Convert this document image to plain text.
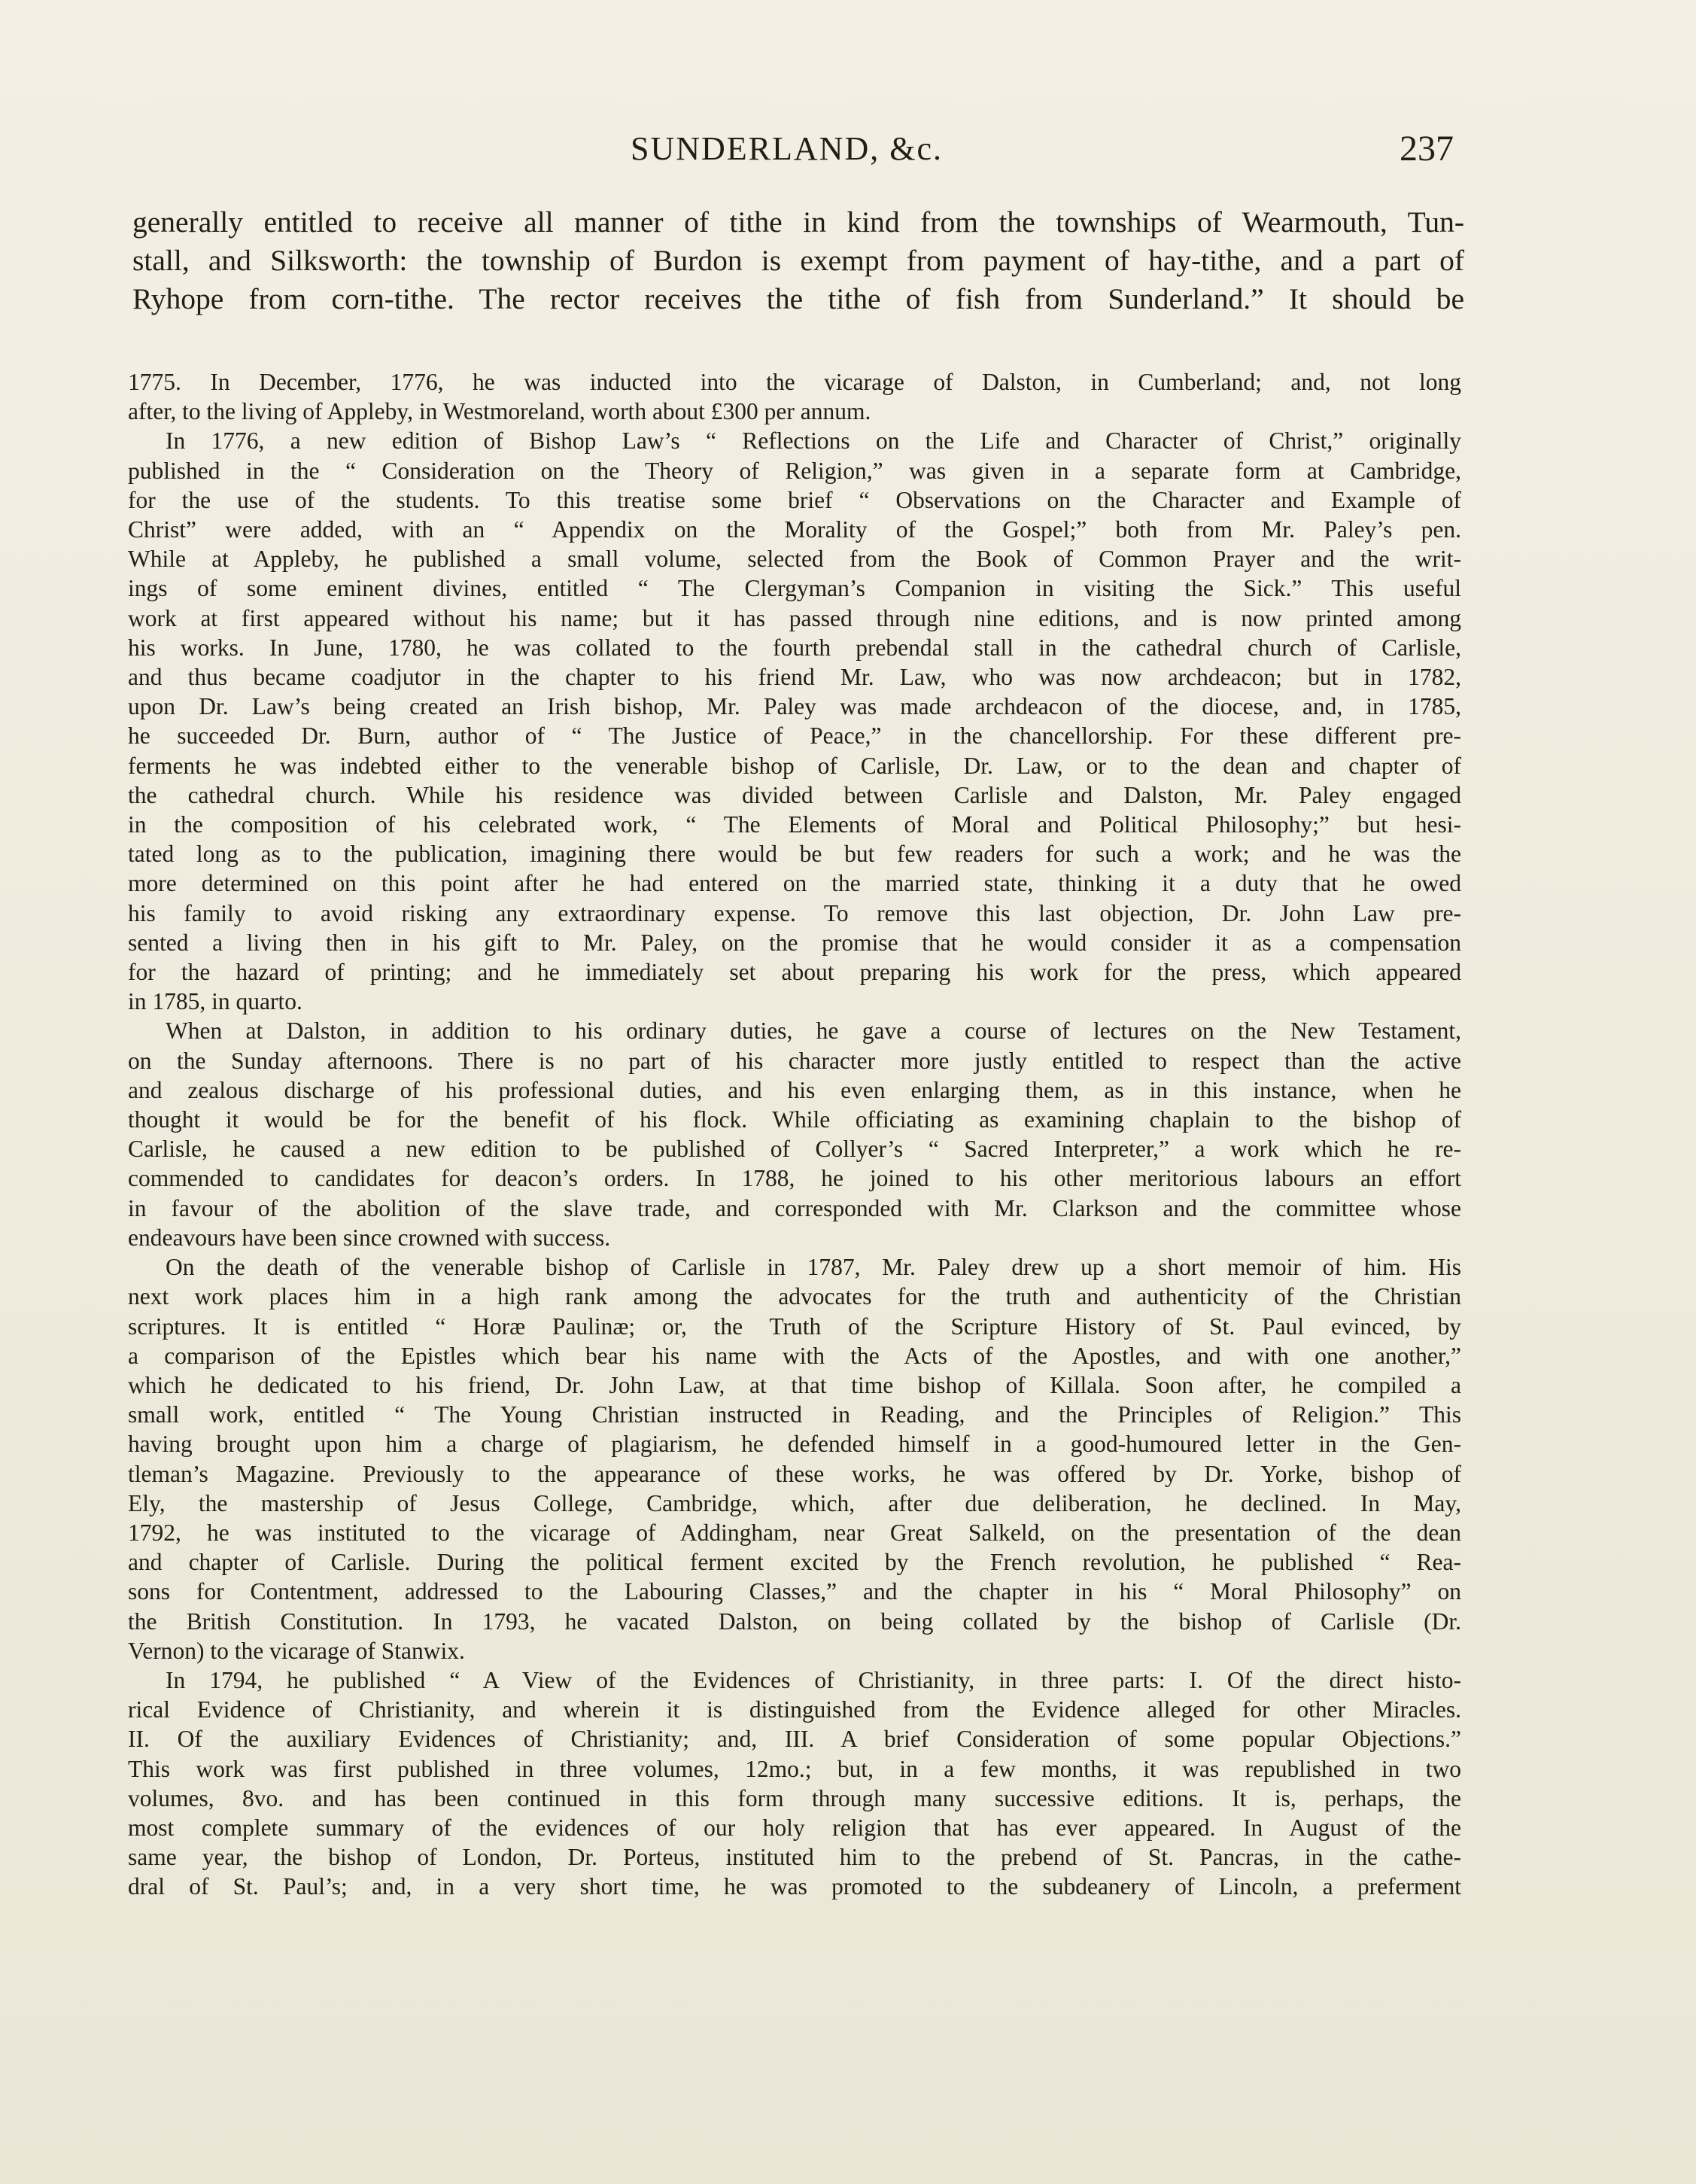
SUNDERLAND, &c.	237
generally entitled to receive all manner of tithe in kind from the townships of Wearmouth, Tun-
stall, and Silksworth: the township of Burdon is exempt from payment of hay-tithe, and a part of
Ryhope from corn-tithe. The rector receives the tithe of fish from Sunderland.” It should be
1775. In December, 1776, he was inducted into the vicarage of Dalston, in Cumberland; and, not long
after, to the living of Appleby, in Westmoreland, worth about £300 per annum.
In 1776, a new edition of Bishop Law’s “ Reflections on the Life and Character of Christ,” originally
published in the “ Consideration on the Theory of Religion,” was given in a separate form at Cambridge,
for the use of the students. To this treatise some brief “ Observations on the Character and Example of
Christ” were added, with an “ Appendix on the Morality of the Gospel;” both from Mr. Paley’s pen.
While at Appleby, he published a small volume, selected from the Book of Common Prayer and the writ-
ings of some eminent divines, entitled “ The Clergyman’s Companion in visiting the Sick.” This useful
work at first appeared without his name; but it has passed through nine editions, and is now printed among
his works. In June, 1780, he was collated to the fourth prebendal stall in the cathedral church of Carlisle,
and thus became coadjutor in the chapter to his friend Mr. Law, who was now archdeacon; but in 1782,
upon Dr. Law’s being created an Irish bishop, Mr. Paley was made archdeacon of the diocese, and, in 1785,
he succeeded Dr. Burn, author of “ The Justice of Peace,” in the chancellorship. For these different pre-
ferments he was indebted either to the venerable bishop of Carlisle, Dr. Law, or to the dean and chapter of
the cathedral church. While his residence was divided between Carlisle and Dalston, Mr. Paley engaged
in the composition of his celebrated work, “ The Elements of Moral and Political Philosophy;” but hesi-
tated long as to the publication, imagining there would be but few readers for such a work; and he was the
more determined on this point after he had entered on the married state, thinking it a duty that he owed
his family to avoid risking any extraordinary expense. To remove this last objection, Dr. John Law pre-
sented a living then in his gift to Mr. Paley, on the promise that he would consider it as a compensation
for the hazard of printing; and he immediately set about preparing his work for the press, which appeared
in 1785, in quarto.
When at Dalston, in addition to his ordinary duties, he gave a course of lectures on the New Testament,
on the Sunday afternoons. There is no part of his character more justly entitled to respect than the active
and zealous discharge of his professional duties, and his even enlarging them, as in this instance, when he
thought it would be for the benefit of his flock. While officiating as examining chaplain to the bishop of
Carlisle, he caused a new edition to be published of Collyer’s “ Sacred Interpreter,” a work which he re-
commended to candidates for deacon’s orders. In 1788, he joined to his other meritorious labours an effort
in favour of the abolition of the slave trade, and corresponded with Mr. Clarkson and the committee whose
endeavours have been since crowned with success.
On the death of the venerable bishop of Carlisle in 1787, Mr. Paley drew up a short memoir of him. His
next work places him in a high rank among the advocates for the truth and authenticity of the Christian
scriptures. It is entitled “ Horæ Paulinæ; or, the Truth of the Scripture History of St. Paul evinced, by
a comparison of the Epistles which bear his name with the Acts of the Apostles, and with one another,”
which he dedicated to his friend, Dr. John Law, at that time bishop of Killala. Soon after, he compiled a
small work, entitled “ The Young Christian instructed in Reading, and the Principles of Religion.” This
having brought upon him a charge of plagiarism, he defended himself in a good-humoured letter in the Gen-
tleman’s Magazine. Previously to the appearance of these works, he was offered by Dr. Yorke, bishop of
Ely, the mastership of Jesus College, Cambridge, which, after due deliberation, he declined. In May,
1792, he was instituted to the vicarage of Addingham, near Great Salkeld, on the presentation of the dean
and chapter of Carlisle. During the political ferment excited by the French revolution, he published “ Rea-
sons for Contentment, addressed to the Labouring Classes,” and the chapter in his “ Moral Philosophy” on
the British Constitution. In 1793, he vacated Dalston, on being collated by the bishop of Carlisle (Dr.
Vernon) to the vicarage of Stanwix.
In 1794, he published “ A View of the Evidences of Christianity, in three parts: I. Of the direct histo-
rical Evidence of Christianity, and wherein it is distinguished from the Evidence alleged for other Miracles.
II. Of the auxiliary Evidences of Christianity; and, III. A brief Consideration of some popular Objections.”
This work was first published in three volumes, 12mo.; but, in a few months, it was republished in two
volumes, 8vo. and has been continued in this form through many successive editions. It is, perhaps, the
most complete summary of the evidences of our holy religion that has ever appeared. In August of the
same year, the bishop of London, Dr. Porteus, instituted him to the prebend of St. Pancras, in the cathe-
dral of St. Paul’s; and, in a very short time, he was promoted to the subdeanery of Lincoln, a preferment
